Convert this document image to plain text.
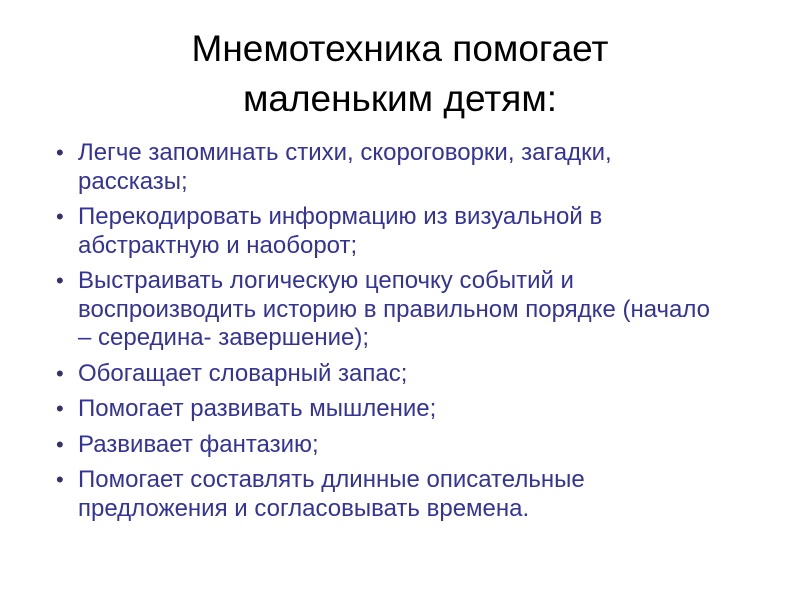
Мнемотехника помогает
маленьким детям:
• Легче запоминать стихи, скороговорки, загадки, рассказы;
• Перекодировать информацию из визуальной в абстрактную и наоборот;
• Выстраивать логическую цепочку событий и воспроизводить историю в правильном порядке (начало – середина- завершение);
• Обогащает словарный запас;
• Помогает развивать мышление;
• Развивает фантазию;
• Помогает составлять длинные описательные предложения и согласовывать времена.
